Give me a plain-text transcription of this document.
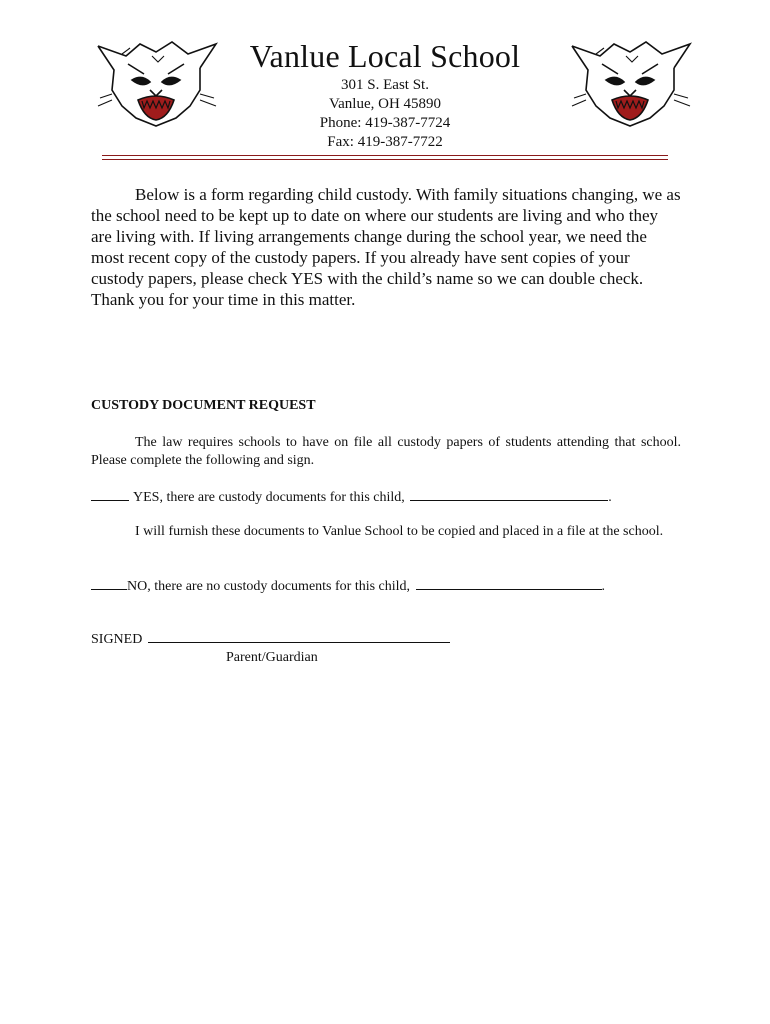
Vanlue Local School

301 S. East St.

Vanlue, OH 45890

Phone: 419-387-7724

Fax: 419-387-7722

Below is a form regarding child custody. With family situations changing, we as the school need to be kept up to date on where our students are living and who they are living with. If living arrangements change during the school year, we need the most recent copy of the custody papers. If you already have sent copies of your custody papers, please check YES with the child’s name so we can double check. Thank you for your time in this matter.

CUSTODY DOCUMENT REQUEST

The law requires schools to have on file all custody papers of students attending that school. Please complete the following and sign.

YES, there are custody documents for this child,	.

I will furnish these documents to Vanlue School to be copied and placed in a file at the school.

NO, there are no custody documents for this child,	.

SIGNED

Parent/Guardian
